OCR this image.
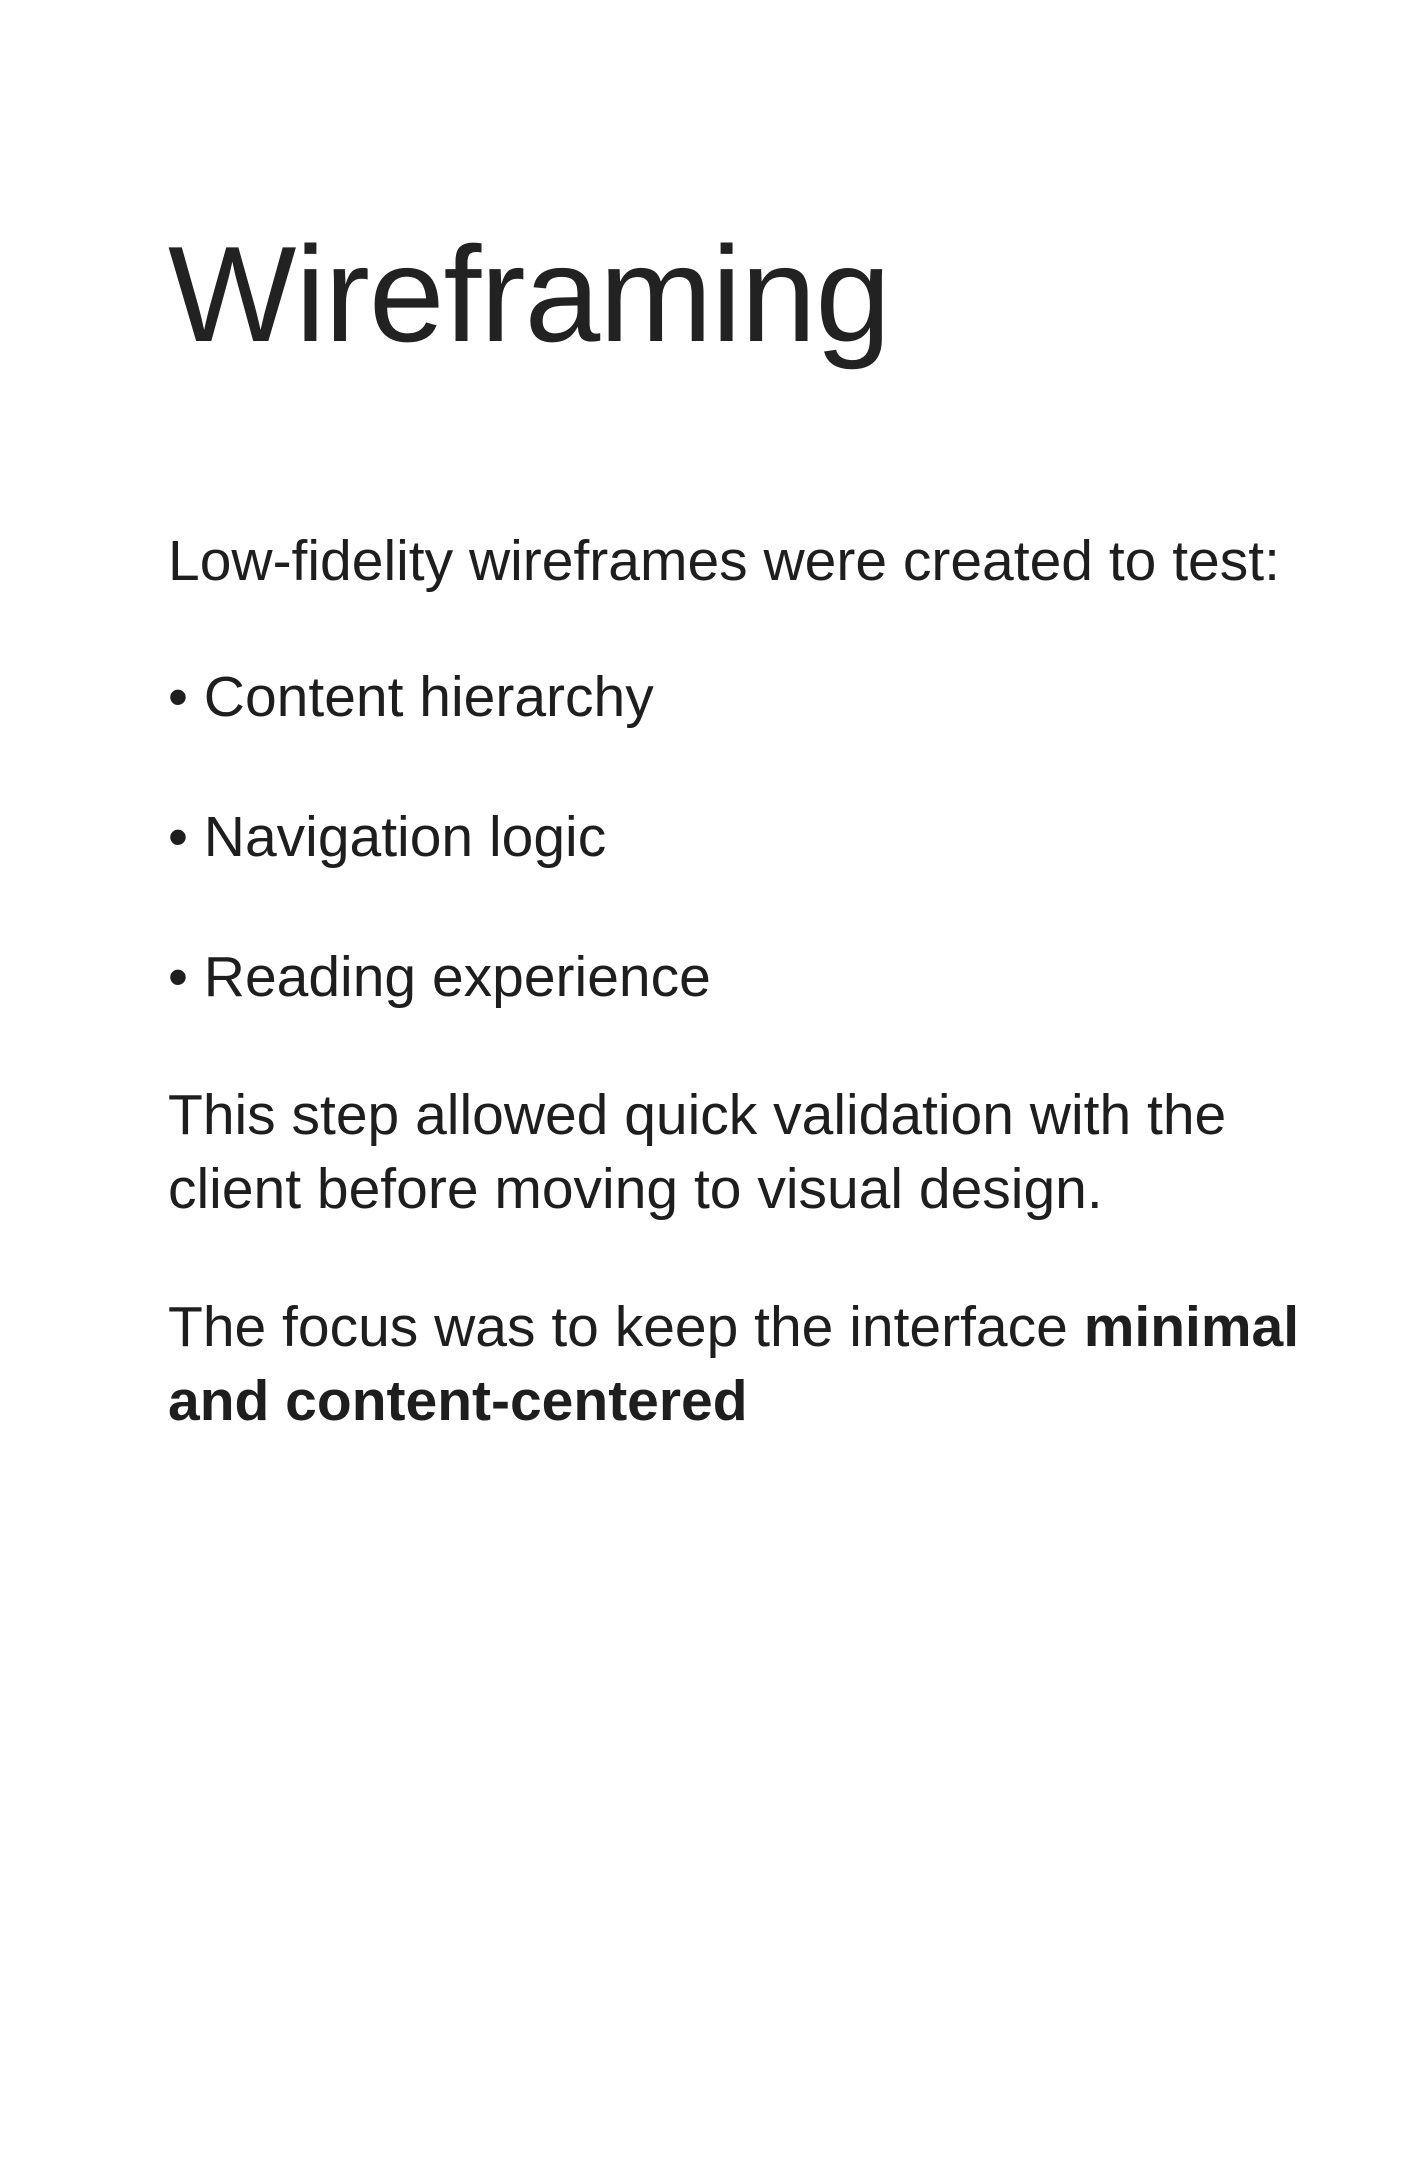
Wireframing

Low-fidelity wireframes were created to test:

• Content hierarchy

• Navigation logic

• Reading experience

This step allowed quick validation with the
client before moving to visual design.
The focus was to keep the interface minimal
and content-centered
